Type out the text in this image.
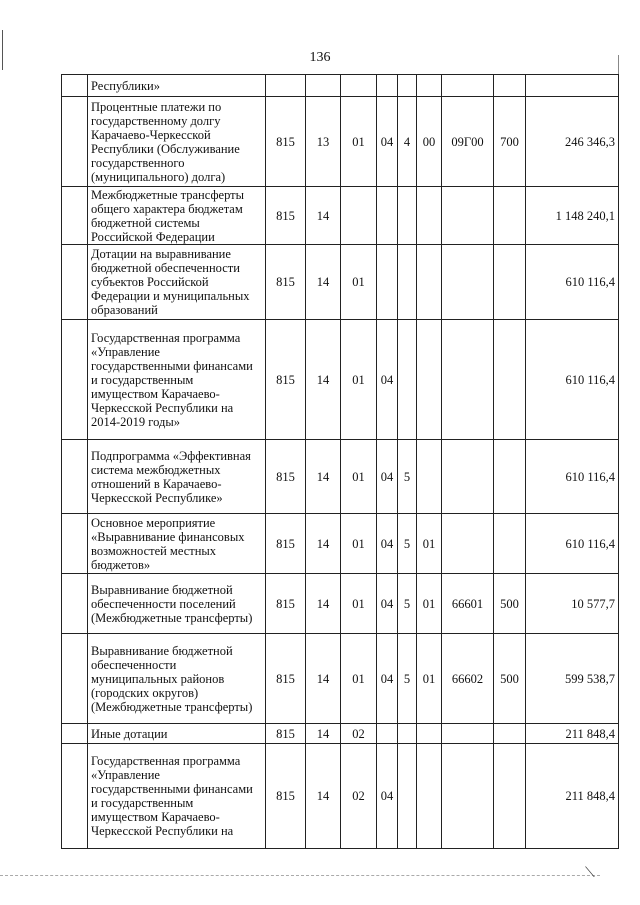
136
	Республики»									
	Процентные платежи по государственному долгу Карачаево-Черкесской Республики (Обслуживание государственного (муниципального) долга)	815	13	01	04	4	00	09Г00	700	246 346,3
	Межбюджетные трансферты общего характера бюджетам бюджетной системы Российской Федерации	815	14							1 148 240,1
	Дотации на выравнивание бюджетной обеспеченности субъектов Российской Федерации и муниципальных образований	815	14	01						610 116,4
	Государственная программа «Управление государственными финансами и государственным имуществом Карачаево-Черкесской Республики на 2014-2019 годы»	815	14	01	04					610 116,4
	Подпрограмма «Эффективная система межбюджетных отношений в Карачаево-Черкесской Республике»	815	14	01	04	5				610 116,4
	Основное мероприятие «Выравнивание финансовых возможностей местных бюджетов»	815	14	01	04	5	01			610 116,4
	Выравнивание бюджетной обеспеченности поселений (Межбюджетные трансферты)	815	14	01	04	5	01	66601	500	10 577,7
	Выравнивание бюджетной обеспеченности муниципальных районов (городских округов) (Межбюджетные трансферты)	815	14	01	04	5	01	66602	500	599 538,7
	Иные дотации	815	14	02						211 848,4
	Государственная программа «Управление государственными финансами и государственным имуществом Карачаево-Черкесской Республики на	815	14	02	04					211 848,4
⟍
